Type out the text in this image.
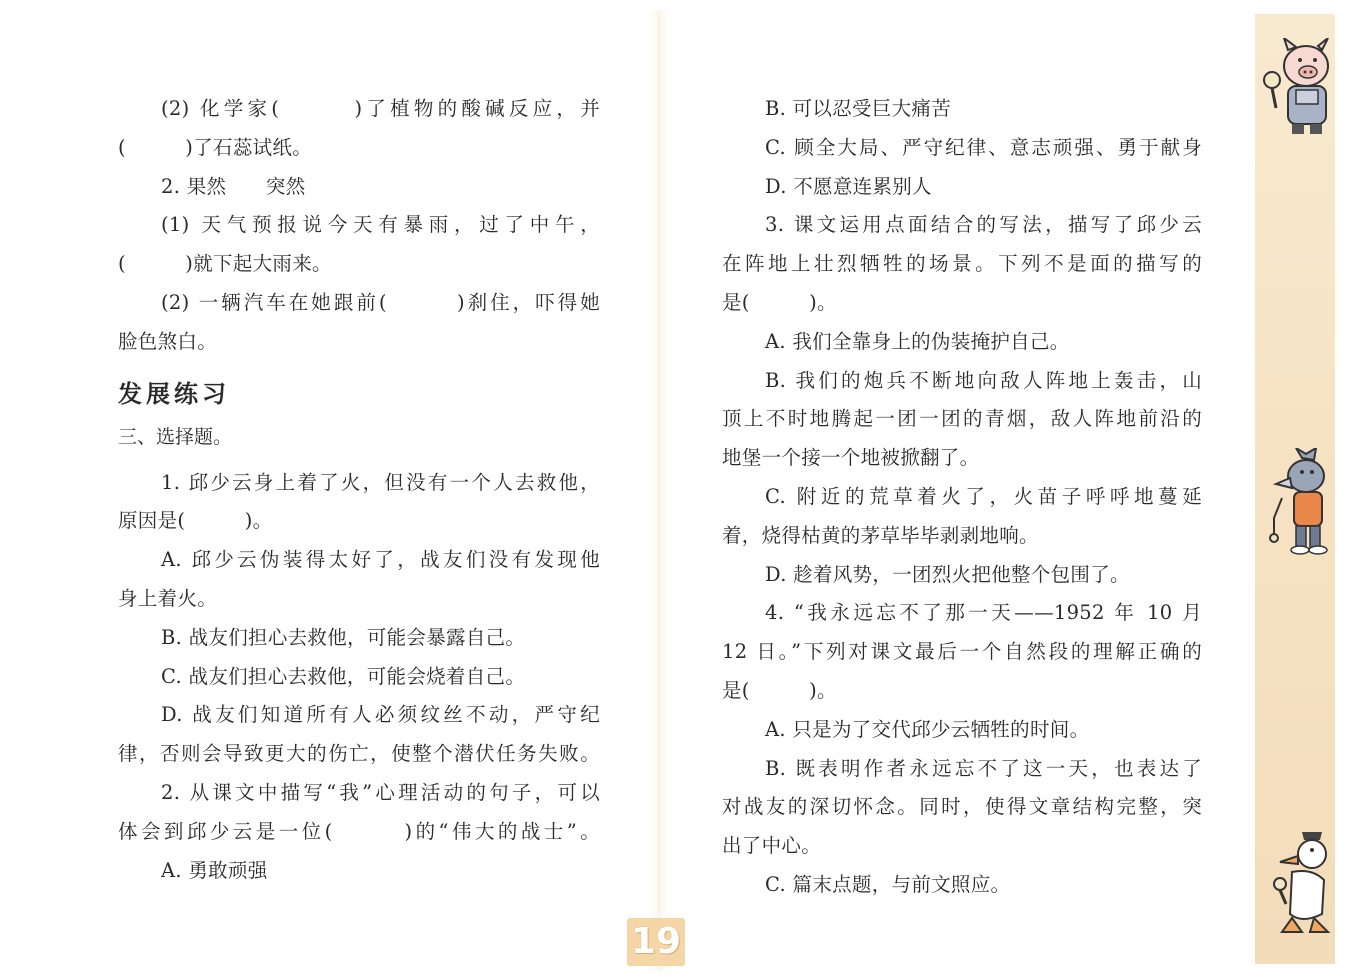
(2) 化学家(　　　)了植物的酸碱反应，并
(　　　)了石蕊试纸。
2. 果然　　突然
(1) 天气预报说今天有暴雨，过了中午，
(　　　)就下起大雨来。
(2) 一辆汽车在她跟前(　　　)刹住，吓得她
脸色煞白。
发展练习
三、选择题。
1. 邱少云身上着了火，但没有一个人去救他，
原因是(　　　)。
A. 邱少云伪装得太好了，战友们没有发现他
身上着火。
B. 战友们担心去救他，可能会暴露自己。
C. 战友们担心去救他，可能会烧着自己。
D. 战友们知道所有人必须纹丝不动，严守纪
律，否则会导致更大的伤亡，使整个潜伏任务失败。
2. 从课文中描写“我”心理活动的句子，可以
体会到邱少云是一位(　　　)的“伟大的战士”。
A. 勇敢顽强
B. 可以忍受巨大痛苦
C. 顾全大局、严守纪律、意志顽强、勇于献身
D. 不愿意连累别人
3. 课文运用点面结合的写法，描写了邱少云
在阵地上壮烈牺牲的场景。下列不是面的描写的
是(　　　)。
A. 我们全靠身上的伪装掩护自己。
B. 我们的炮兵不断地向敌人阵地上轰击，山
顶上不时地腾起一团一团的青烟，敌人阵地前沿的
地堡一个接一个地被掀翻了。
C. 附近的荒草着火了，火苗子呼呼地蔓延
着，烧得枯黄的茅草毕毕剥剥地响。
D. 趁着风势，一团烈火把他整个包围了。
4. “我永远忘不了那一天——1952 年 10 月
12 日。”下列对课文最后一个自然段的理解正确的
是(　　　)。
A. 只是为了交代邱少云牺牲的时间。
B. 既表明作者永远忘不了这一天，也表达了
对战友的深切怀念。同时，使得文章结构完整，突
出了中心。
C. 篇末点题，与前文照应。
19
